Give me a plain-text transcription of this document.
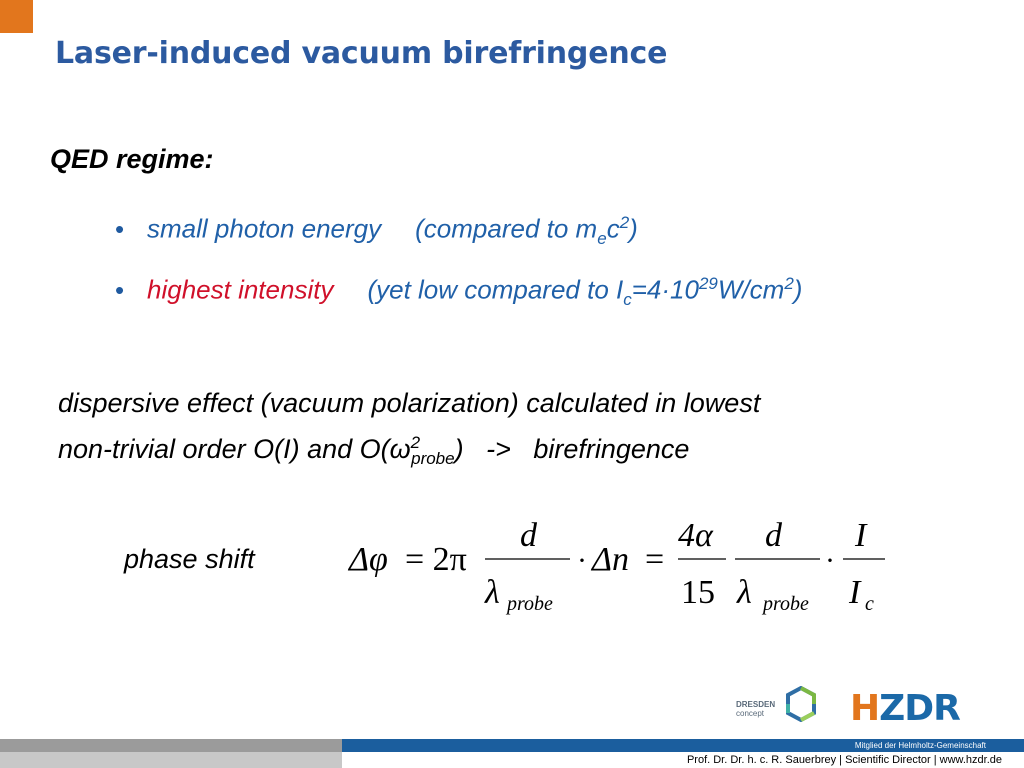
Laser-induced vacuum birefringence
QED regime:
• small photon energy (compared to $m_ec^2$)
• highest intensity (yet low compared to $I_c=4\cdot 10^{29}W/cm^2$)
dispersive effect (vacuum polarization) calculated in lowest
non-trivial order O(I) and $O(\omega^2_{probe})$   ->   birefringence
phase shift	Δφ = 2π
d
λ probe
· Δn =
4α
15
d
λ probe
·
I
I c
DRESDEN
concept	HZDR
Mitglied der Helmholtz-Gemeinschaft
Prof. Dr. Dr. h. c. R. Sauerbrey | Scientific Director | www.hzdr.de
